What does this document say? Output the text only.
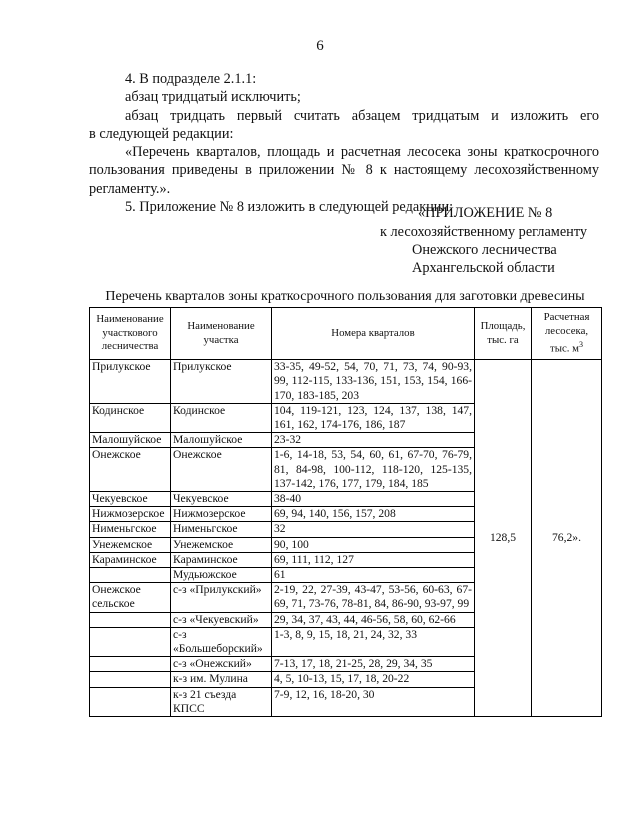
6

4. В подразделе 2.1.1:

абзац тридцатый исключить;

абзац тридцать первый считать абзацем тридцатым и изложить его

в следующей редакции:

«Перечень кварталов, площадь и расчетная лесосека зоны краткосрочного пользования приведены в приложении № 8 к настоящему лесохозяйственному регламенту.».

5. Приложение № 8 изложить в следующей редакции:

«ПРИЛОЖЕНИЕ № 8
к лесохозяйственному регламенту
Онежского лесничества
Архангельской области
Перечень кварталов зоны краткосрочного пользования для заготовки древесины
Наименование участкового лесничества	Наименование участка	Номера кварталов	Площадь, тыс. га	Расчетная лесосека, тыс. $м^3$
Прилукское	Прилукское	33-35, 49-52, 54, 70, 71, 73, 74, 90-93, 99, 112-115, 133-136, 151, 153, 154, 166-170, 183-185, 203	128,5	76,2».
Кодинское	Кодинское	104, 119-121, 123, 124, 137, 138, 147, 161, 162, 174-176, 186, 187		
Малошуйское	Малошуйское	23-32		
Онежское	Онежское	1-6, 14-18, 53, 54, 60, 61, 67-70, 76-79, 81, 84-98, 100-112, 118-120, 125-135, 137-142, 176, 177, 179, 184, 185		
Чекуевское	Чекуевское	38-40		
Нижмозерское	Нижмозерское	69, 94, 140, 156, 157, 208		
Нименьгское	Нименьгское	32		
Унежемское	Унежемское	90, 100		
Караминское	Караминское	69, 111, 112, 127		
	Мудьюжское	61		
Онежское сельское	с-з «Прилукский»	2-19, 22, 27-39, 43-47, 53-56, 60-63, 67-69, 71, 73-76, 78-81, 84, 86-90, 93-97, 99		
	с-з «Чекуевский»	29, 34, 37, 43, 44, 46-56, 58, 60, 62-66		
	с-з «Большеборский»	1-3, 8, 9, 15, 18, 21, 24, 32, 33		
	с-з «Онежский»	7-13, 17, 18, 21-25, 28, 29, 34, 35		
	к-з им. Мулина	4, 5, 10-13, 15, 17, 18, 20-22		
	к-з 21 съезда КПСС	7-9, 12, 16, 18-20, 30		
